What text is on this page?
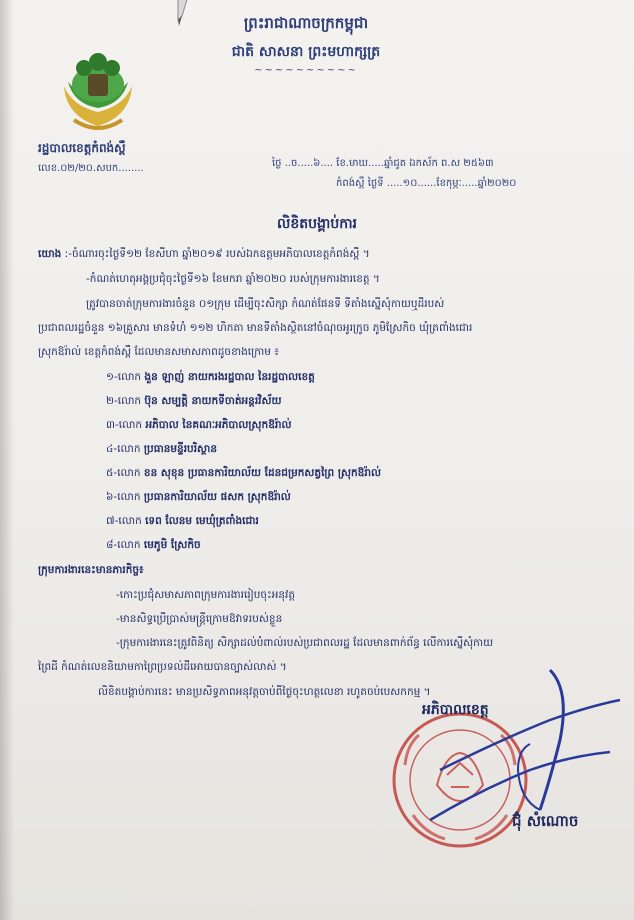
ព្រះរាជាណាចក្រកម្ពុជា
ជាតិ សាសនា ព្រះមហាក្សត្រ
~~~~~~~~~~
រដ្ឋបាលខេត្តកំពង់ស្ពឺ
លេខ.០២/២០.សបក........	ថ្ងៃ ..ច.....៦.... ខែ.មាឃ.....ឆ្នាំជូត ឯកស័ក ព.ស ២៥៦៣
កំពង់ស្ពឺ ថ្ងៃទី .....១០......ខែកុម្ភៈ.....ឆ្នាំ២០២០
លិខិតបង្គាប់ការ
យោង :-ចំណារចុះថ្ងៃទី១២ ខែសីហា ឆ្នាំ២០១៩ របស់ឯកឧត្តមអភិបាលខេត្តកំពង់ស្ពឺ ។
-កំណត់ហេតុអង្គប្រជុំចុះថ្ងៃទី១៦ ខែមករា ឆ្នាំ២០២០ របស់ក្រុមការងារខេត្ត ។
ត្រូវបានចាត់ក្រុមការងារចំនួន ០១ក្រុម ដើម្បីចុះសិក្សា កំណត់ផែនទី ទីតាំងស្នើសុំកាយឬដីរបស់
ប្រជាពលរដ្ឋចំនួន ១៦គ្រួសារ មានទំហំ ១១២ ហិកតា មានទីតាំងស្ថិតនៅចំណុចអូរក្រូច ភូមិស្រែកិច ឃុំត្រពាំងជោរ
ស្រុកឱរ៉ាល់ ខេត្តកំពង់ស្ពឺ ដែលមានសមាសភាពដូចខាងក្រោម ៖
១-លោក ងួន ឡាញ់ នាយករងរដ្ឋបាល នៃរដ្ឋបាលខេត្ត
២-លោក ប៊ុន សម្បត្តិ នាយកទីចាត់អន្តរវិស័យ
៣-លោក អភិបាល នៃគណៈអភិបាលស្រុកឱរ៉ាល់
៤-លោក ប្រធានមន្ទីរបរិស្ថាន
៥-លោក ខន សុខុន ប្រធានការិយាល័យ ដែនជម្រកសត្វព្រៃ ស្រុកឱរ៉ាល់
៦-លោក ប្រធានការិយាល័យ ផសក ស្រុកឱរ៉ាល់
៧-លោក ទេព លែនម មេឃុំត្រពាំងជោរ
៨-លោក មេភូមិ ស្រែកិច
ក្រុមការងារនេះមានភារកិច្ច៖
-កោះប្រជុំសមាសភាពក្រុមការងាររៀបចុះអនុវត្ត
-មានសិទ្ធប្រើប្រាស់មន្ត្រីក្រោមឱវាទរបស់ខ្លួន
-ក្រុមការងារនេះត្រូវពិនិត្យ សិក្សាដល់បំពាល់របស់ប្រជាពលរដ្ឋ ដែលមានពាក់ព័ន្ធ លើការស្នើសុំកាយ
ព្រៃដី កំណត់លេខនិយាមកាព្រៃប្រទល់ដីអោយបានច្បាស់លាស់ ។
លិខិតបង្គាប់ការនេះ មានប្រសិទ្ធភាពអនុវត្តចាប់ពីថ្ងៃចុះហត្ថលេខា រហូតចប់បេសកកម្ម ។
អភិបាលខេត្ត
ជ៊ុំ សំណោច
